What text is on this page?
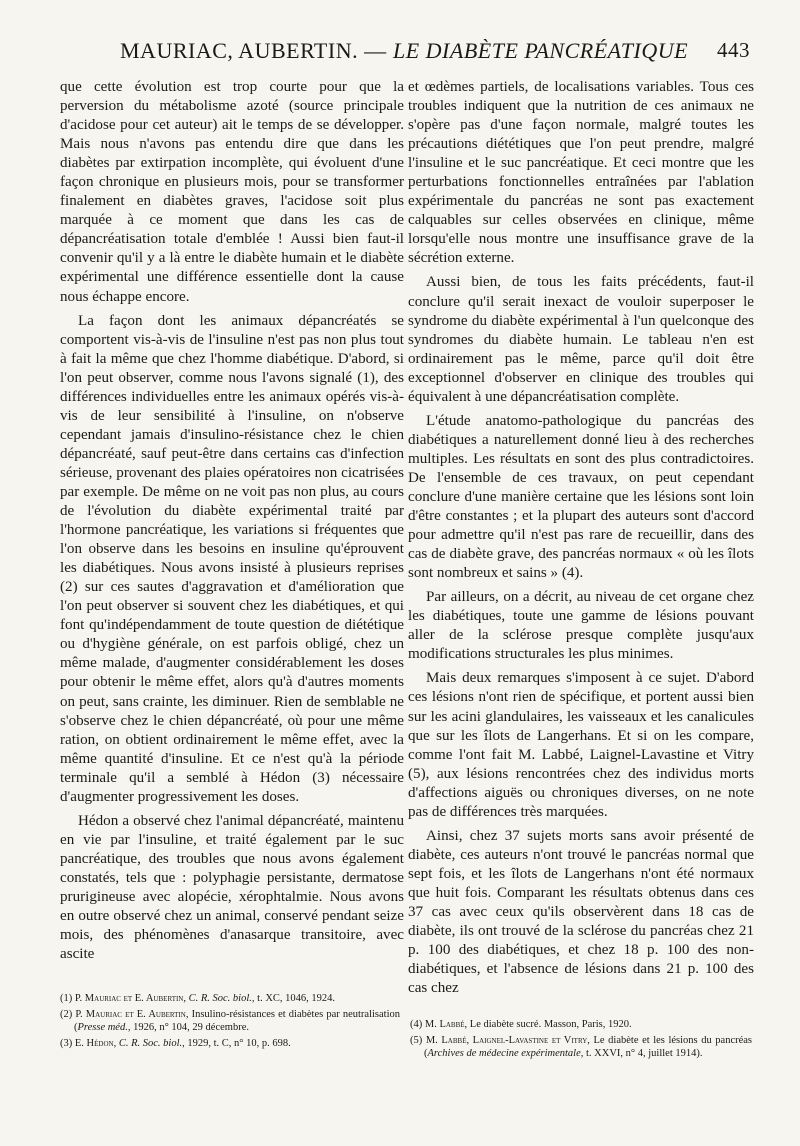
MAURIAC, AUBERTIN. — LE DIABÈTE PANCRÉATIQUE 443

que cette évolution est trop courte pour que la perversion du métabolisme azoté (source principale d'acidose pour cet auteur) ait le temps de se développer. Mais nous n'avons pas entendu dire que dans les diabètes par extirpation incomplète, qui évoluent d'une façon chronique en plusieurs mois, pour se transformer finalement en diabètes graves, l'acidose soit plus marquée à ce moment que dans les cas de dépancréatisation totale d'emblée ! Aussi bien faut-il convenir qu'il y a là entre le diabète humain et le diabète expérimental une différence essentielle dont la cause nous échappe encore.

La façon dont les animaux dépancréatés se comportent vis-à-vis de l'insuline n'est pas non plus tout à fait la même que chez l'homme diabétique. D'abord, si l'on peut observer, comme nous l'avons signalé (1), des différences individuelles entre les animaux opérés vis-à-vis de leur sensibilité à l'insuline, on n'observe cependant jamais d'insulino-résistance chez le chien dépancréaté, sauf peut-être dans certains cas d'infection sérieuse, provenant des plaies opératoires non cicatrisées par exemple. De même on ne voit pas non plus, au cours de l'évolution du diabète expérimental traité par l'hormone pancréatique, les variations si fréquentes que l'on observe dans les besoins en insuline qu'éprouvent les diabétiques. Nous avons insisté à plusieurs reprises (2) sur ces sautes d'aggravation et d'amélioration que l'on peut observer si souvent chez les diabétiques, et qui font qu'indépendamment de toute question de diététique ou d'hygiène générale, on est parfois obligé, chez un même malade, d'augmenter considérablement les doses pour obtenir le même effet, alors qu'à d'autres moments on peut, sans crainte, les diminuer. Rien de semblable ne s'observe chez le chien dépancréaté, où pour une même ration, on obtient ordinairement le même effet, avec la même quantité d'insuline. Et ce n'est qu'à la période terminale qu'il a semblé à Hédon (3) nécessaire d'augmenter progressivement les doses.

Hédon a observé chez l'animal dépancréaté, maintenu en vie par l'insuline, et traité également par le suc pancréatique, des troubles que nous avons également constatés, tels que : polyphagie persistante, dermatose prurigineuse avec alopécie, xérophtalmie. Nous avons en outre observé chez un animal, conservé pendant seize mois, des phénomènes d'anasarque transitoire, avec ascite

et œdèmes partiels, de localisations variables. Tous ces troubles indiquent que la nutrition de ces animaux ne s'opère pas d'une façon normale, malgré toutes les précautions diététiques que l'on peut prendre, malgré l'insuline et le suc pancréatique. Et ceci montre que les perturbations fonctionnelles entraînées par l'ablation expérimentale du pancréas ne sont pas exactement calquables sur celles observées en clinique, même lorsqu'elle nous montre une insuffisance grave de la sécrétion externe.

Aussi bien, de tous les faits précédents, faut-il conclure qu'il serait inexact de vouloir superposer le syndrome du diabète expérimental à l'un quelconque des syndromes du diabète humain. Le tableau n'en est ordinairement pas le même, parce qu'il doit être exceptionnel d'observer en clinique des troubles qui équivalent à une dépancréatisation complète.

L'étude anatomo-pathologique du pancréas des diabétiques a naturellement donné lieu à des recherches multiples. Les résultats en sont des plus contradictoires. De l'ensemble de ces travaux, on peut cependant conclure d'une manière certaine que les lésions sont loin d'être constantes ; et la plupart des auteurs sont d'accord pour admettre qu'il n'est pas rare de recueillir, dans des cas de diabète grave, des pancréas normaux « où les îlots sont nombreux et sains » (4).

Par ailleurs, on a décrit, au niveau de cet organe chez les diabétiques, toute une gamme de lésions pouvant aller de la sclérose presque complète jusqu'aux modifications structurales les plus minimes.

Mais deux remarques s'imposent à ce sujet. D'abord ces lésions n'ont rien de spécifique, et portent aussi bien sur les acini glandulaires, les vaisseaux et les canalicules que sur les îlots de Langerhans. Et si on les compare, comme l'ont fait M. Labbé, Laignel-Lavastine et Vitry (5), aux lésions rencontrées chez des individus morts d'affections aiguës ou chroniques diverses, on ne note pas de différences très marquées.

Ainsi, chez 37 sujets morts sans avoir présenté de diabète, ces auteurs n'ont trouvé le pancréas normal que sept fois, et les îlots de Langerhans n'ont été normaux que huit fois. Comparant les résultats obtenus dans ces 37 cas avec ceux qu'ils observèrent dans 18 cas de diabète, ils ont trouvé de la sclérose du pancréas chez 21 p. 100 des diabétiques, et chez 18 p. 100 des non-diabétiques, et l'absence de lésions dans 21 p. 100 des cas chez

(1) P. Mauriac et E. Aubertin, C. R. Soc. biol., t. XC, 1046, 1924.

(2) P. Mauriac et E. Aubertin, Insulino-résistances et diabètes par neutralisation (Presse méd., 1926, n° 104, 29 décembre.

(3) E. Hédon, C. R. Soc. biol., 1929, t. C, n° 10, p. 698.

(4) M. Labbé, Le diabète sucré. Masson, Paris, 1920.

(5) M. Labbé, Laignel-Lavastine et Vitry, Le diabète et les lésions du pancréas (Archives de médecine expérimentale, t. XXVI, n° 4, juillet 1914).
